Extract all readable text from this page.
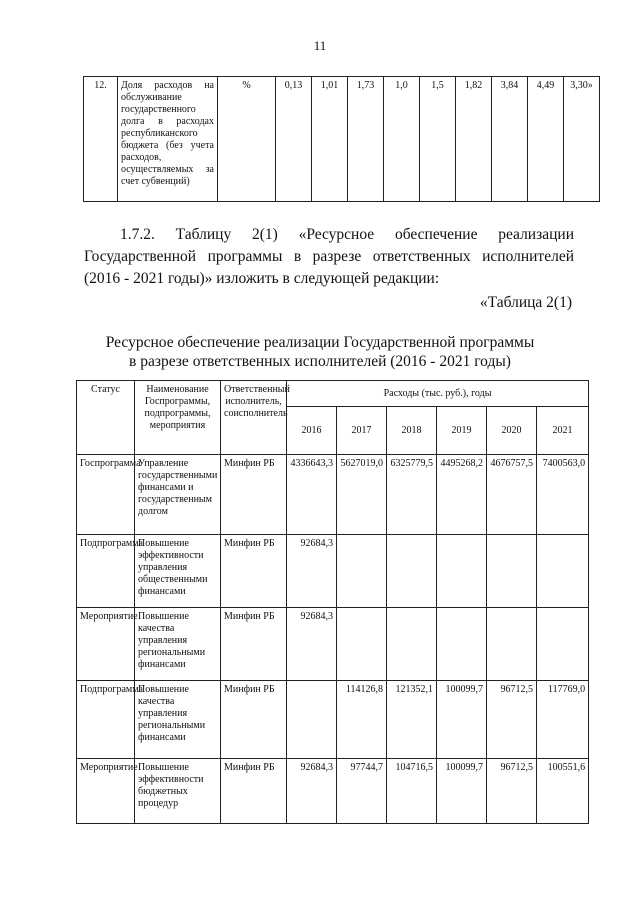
11
12.	Доля расходов на обслуживание государственного долга в расходах республиканского бюджета (без учета расходов, осуществляемых за счет субвенций)	%	0,13	1,01	1,73	1,0	1,5	1,82	3,84	4,49	3,30»
1.7.2. Таблицу 2(1) «Ресурсное обеспечение реализации Государственной программы в разрезе ответственных исполнителей (2016 - 2021 годы)» изложить в следующей редакции:
«Таблица 2(1)
Ресурсное обеспечение реализации Государственной программы
в разрезе ответственных исполнителей (2016 - 2021 годы)
Статус	Наименование Госпрограммы, подпрограммы, мероприятия	Ответственный исполнитель, соисполнитель	Расходы (тыс. руб.), годы					
			2016	2017	2018	2019	2020	2021
Госпрограмма	Управление государственными финансами и государственным долгом	Минфин РБ	4336643,3	5627019,0	6325779,5	4495268,2	4676757,5	7400563,0
Подпрограмма	Повышение эффективности управления общественными финансами	Минфин РБ	92684,3					
Мероприятие	Повышение качества управления региональными финансами	Минфин РБ	92684,3					
Подпрограмма	Повышение качества управления региональными финансами	Минфин РБ		114126,8	121352,1	100099,7	96712,5	117769,0
Мероприятие	Повышение эффективности бюджетных процедур	Минфин РБ	92684,3	97744,7	104716,5	100099,7	96712,5	100551,6
